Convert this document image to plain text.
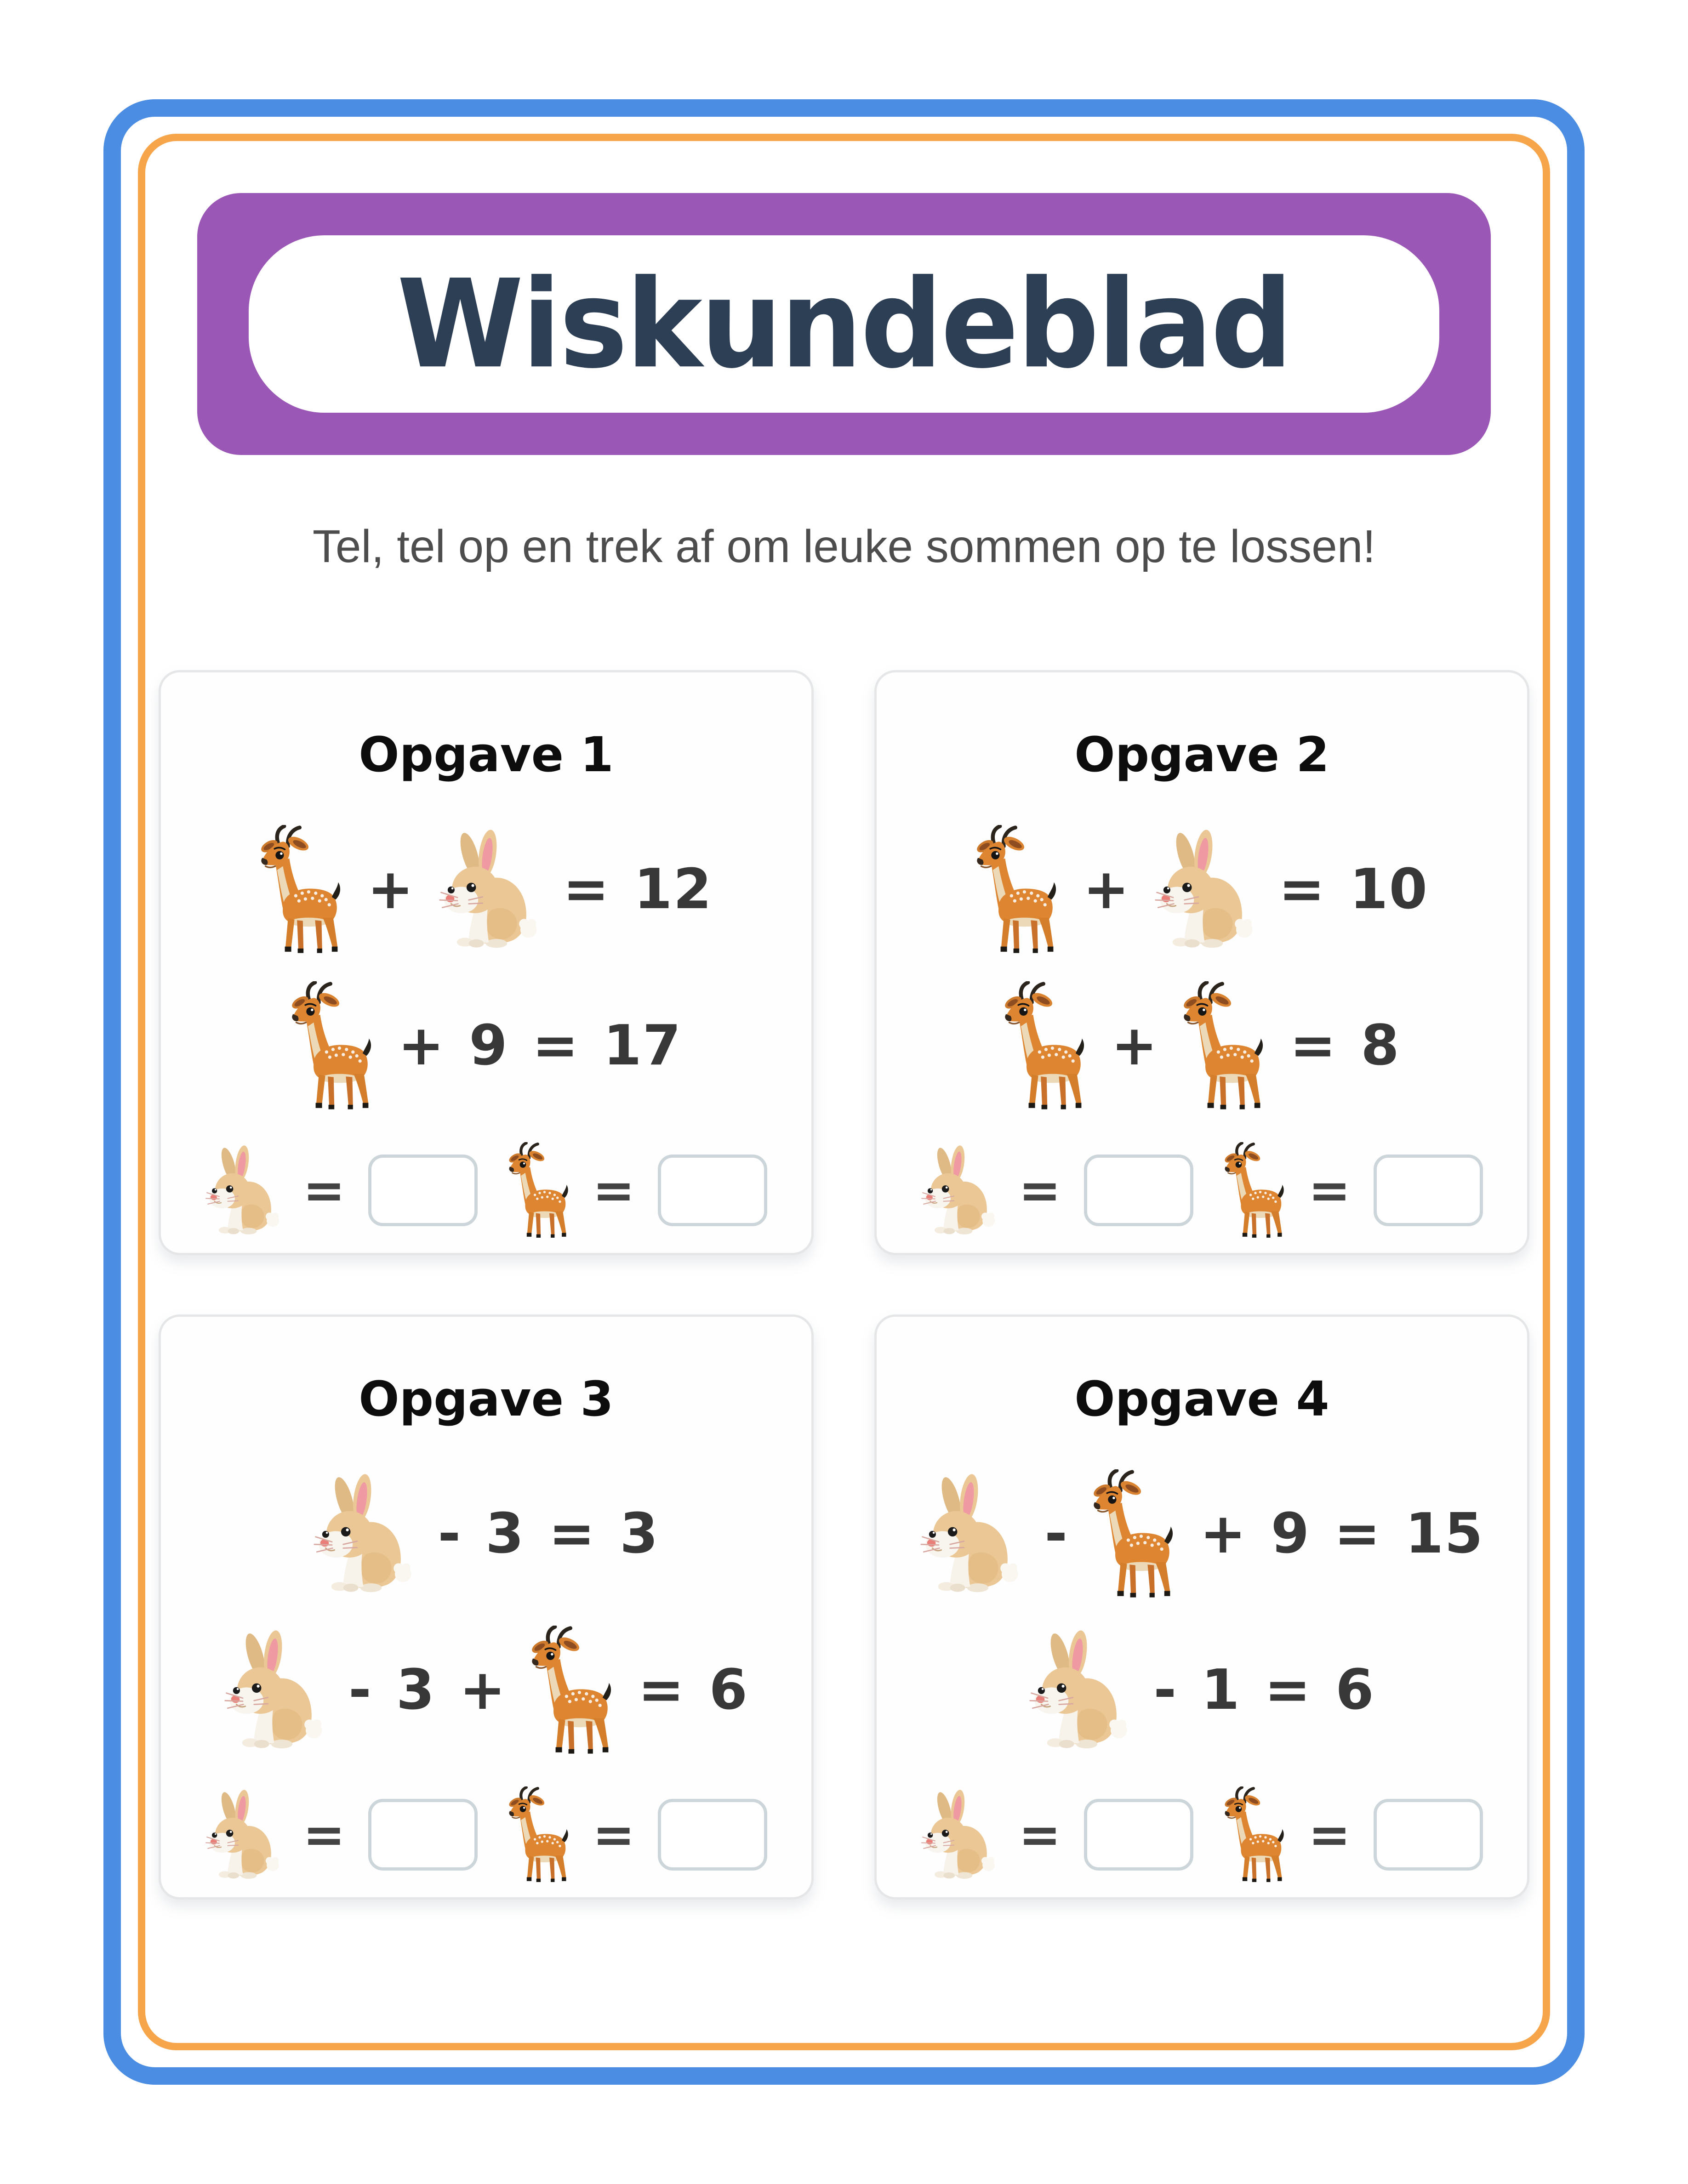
Wiskundeblad

Tel, tel op en trek af om leuke sommen op te lossen!

Opgave 1
+	= 12
+ 9 = 17
=	=
Opgave 2
+	= 10
+ = 8
=	=
Opgave 3
- 3 = 3
- 3 + = 6
=	=
Opgave 4
- + 9 = 15
- 1 = 6
=	=
